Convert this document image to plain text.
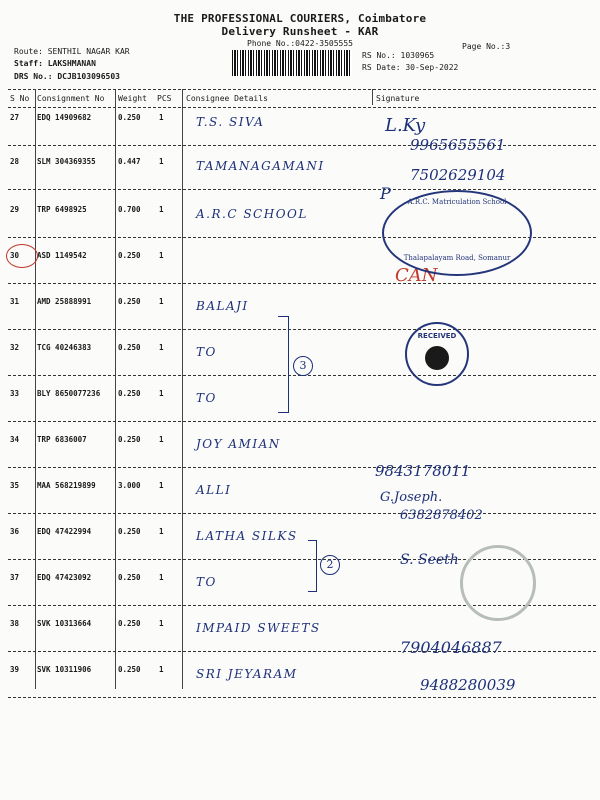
THE PROFESSIONAL COURIERS, Coimbatore
Delivery Runsheet - KAR
Phone No.:0422-3505555	Page No.:3
Route: SENTHIL NAGAR KAR
Staff: LAKSHMANAN
DRS No.: DCJB103096503
RS No.: 1030965
RS Date: 30-Sep-2022
S No Consignment No Weight PCS Consignee Details	Signature
27 EDQ 14909682	0.250 1	T.S. SIVA
28 SLM 304369355	0.447 1	TAMANAGAMANI
29 TRP 6498925	0.700 1	A.R.C SCHOOL
30 ASD 1149542	0.250 1
31 AMD 25888991	0.250 1	BALAJI
32 TCG 40246383	0.250 1	TO
33 BLY 8650077236 0.250 1	TO
34 TRP 6836007	0.250 1	JOY AMIAN
35 MAA 568219899	3.000 1	ALLI
36 EDQ 47422994	0.250 1	LATHA SILKS
37 EDQ 47423092	0.250 1	TO
38 SVK 10313664	0.250 1	IMPAID SWEETS
39 SVK 10311906	0.250 1	SRI JEYARAM
L.Ky
9965655561
7502629104
P
CAN
9843178011
G.Joseph.
6382878402
S. Seeth
7904046887
9488280039
A.R.C. Matriculation School
Thalapalayam Road, Somanur
RECEIVED
3
2
